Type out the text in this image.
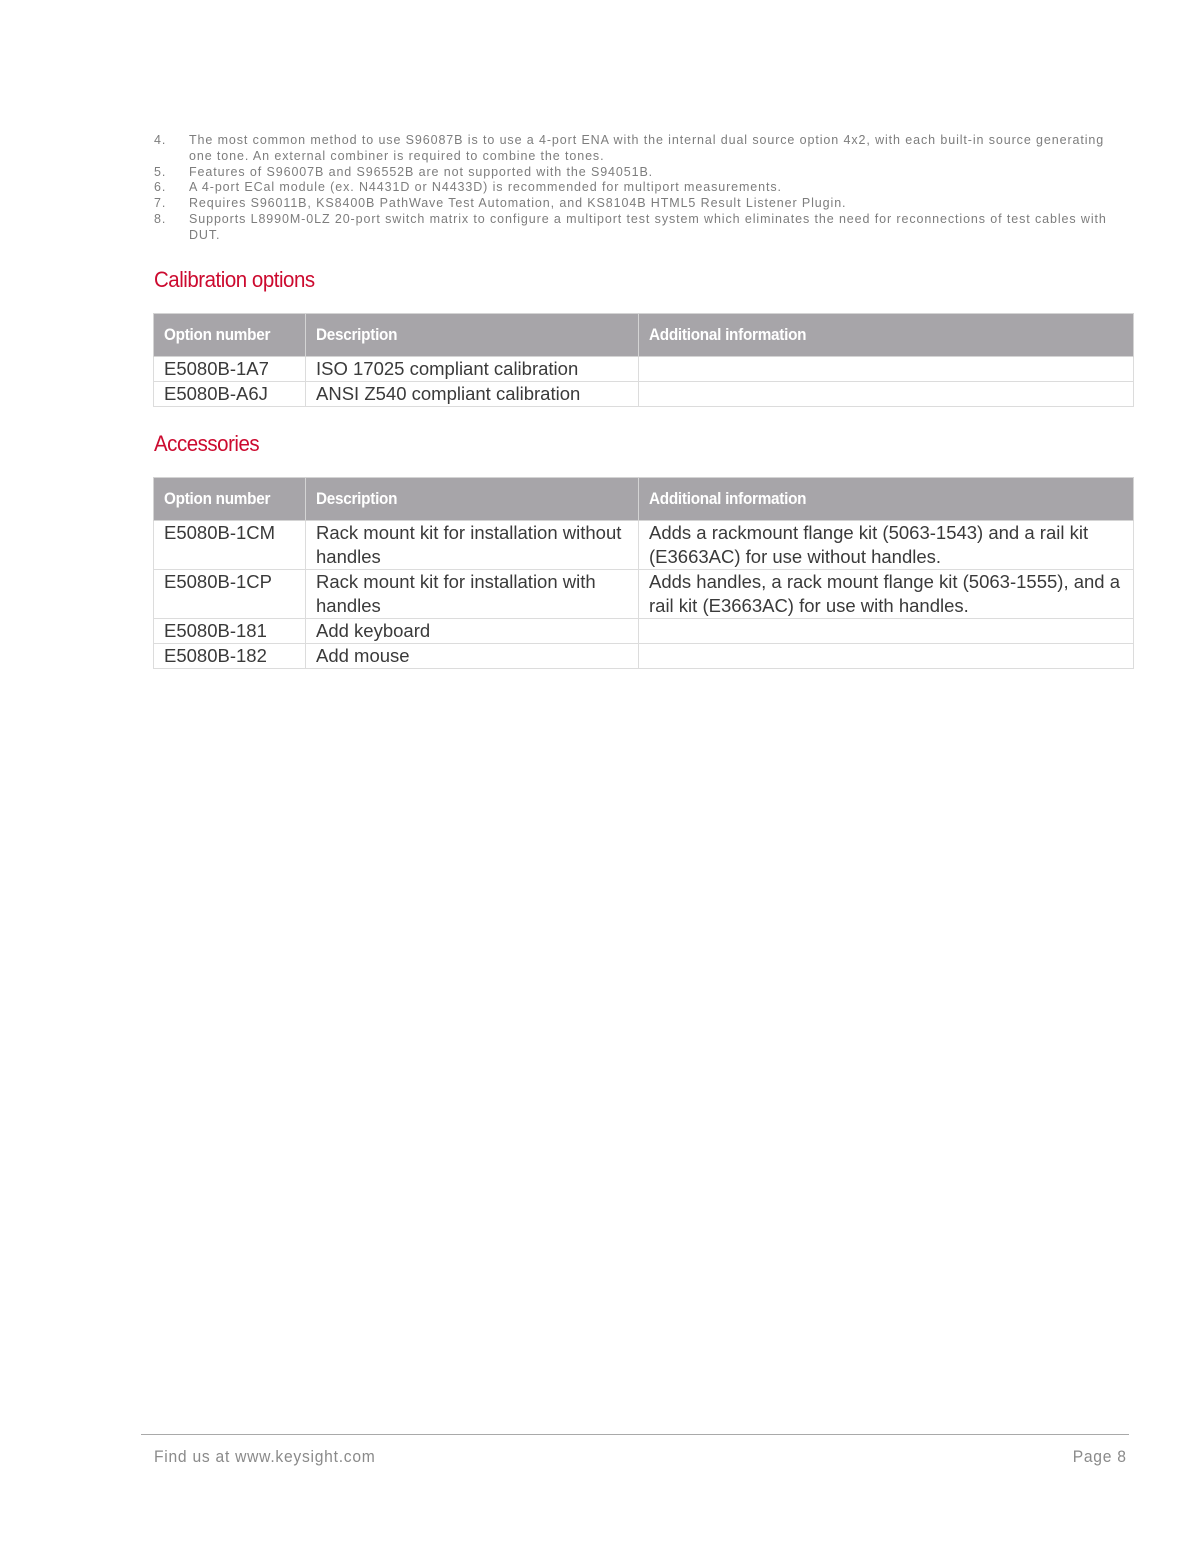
4.	The most common method to use S96087B is to use a 4-port ENA with the internal dual source option 4x2, with each built-in source generating one tone. An external combiner is required to combine the tones.
5.	Features of S96007B and S96552B are not supported with the S94051B.
6.	A 4-port ECal module (ex. N4431D or N4433D) is recommended for multiport measurements.
7.	Requires S96011B, KS8400B PathWave Test Automation, and KS8104B HTML5 Result Listener Plugin.
8.	Supports L8990M-0LZ 20-port switch matrix to configure a multiport test system which eliminates the need for reconnections of test cables with DUT.
Calibration options
Option number	Description	Additional information
E5080B-1A7	ISO 17025 compliant calibration	
E5080B-A6J	ANSI Z540 compliant calibration	
Accessories
Option number	Description	Additional information
E5080B-1CM	Rack mount kit for installation without handles	Adds a rackmount flange kit (5063-1543) and a rail kit (E3663AC) for use without handles.
E5080B-1CP	Rack mount kit for installation with handles	Adds handles, a rack mount flange kit (5063-1555), and a rail kit (E3663AC) for use with handles.
E5080B-181	Add keyboard	
E5080B-182	Add mouse	
Find us at www.keysight.com	Page 8
